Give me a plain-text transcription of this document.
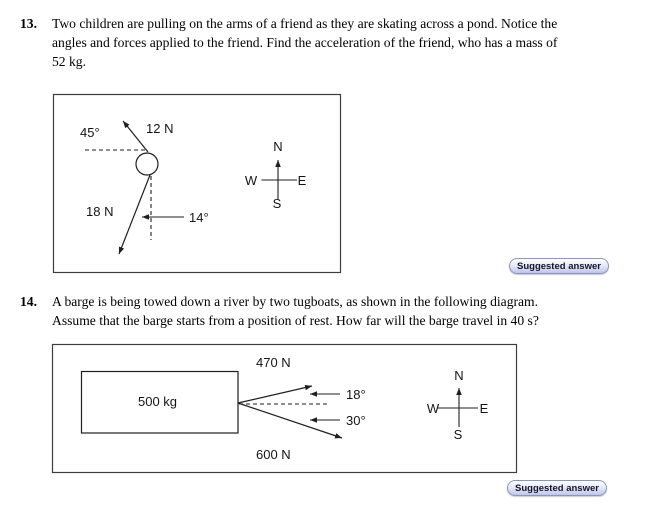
13. Two children are pulling on the arms of a friend as they are skating across a pond. Notice the
angles and forces applied to the friend. Find the acceleration of the friend, who has a mass of
52 kg.
45°	12 N
18 N	14°
N
W	E
S
Suggested answer
14. A barge is being towed down a river by two tugboats, as shown in the following diagram.
Assume that the barge starts from a position of rest. How far will the barge travel in 40 s?
500 kg
470 N
18°
600 N
30°
N
W	E
S
Suggested answer
